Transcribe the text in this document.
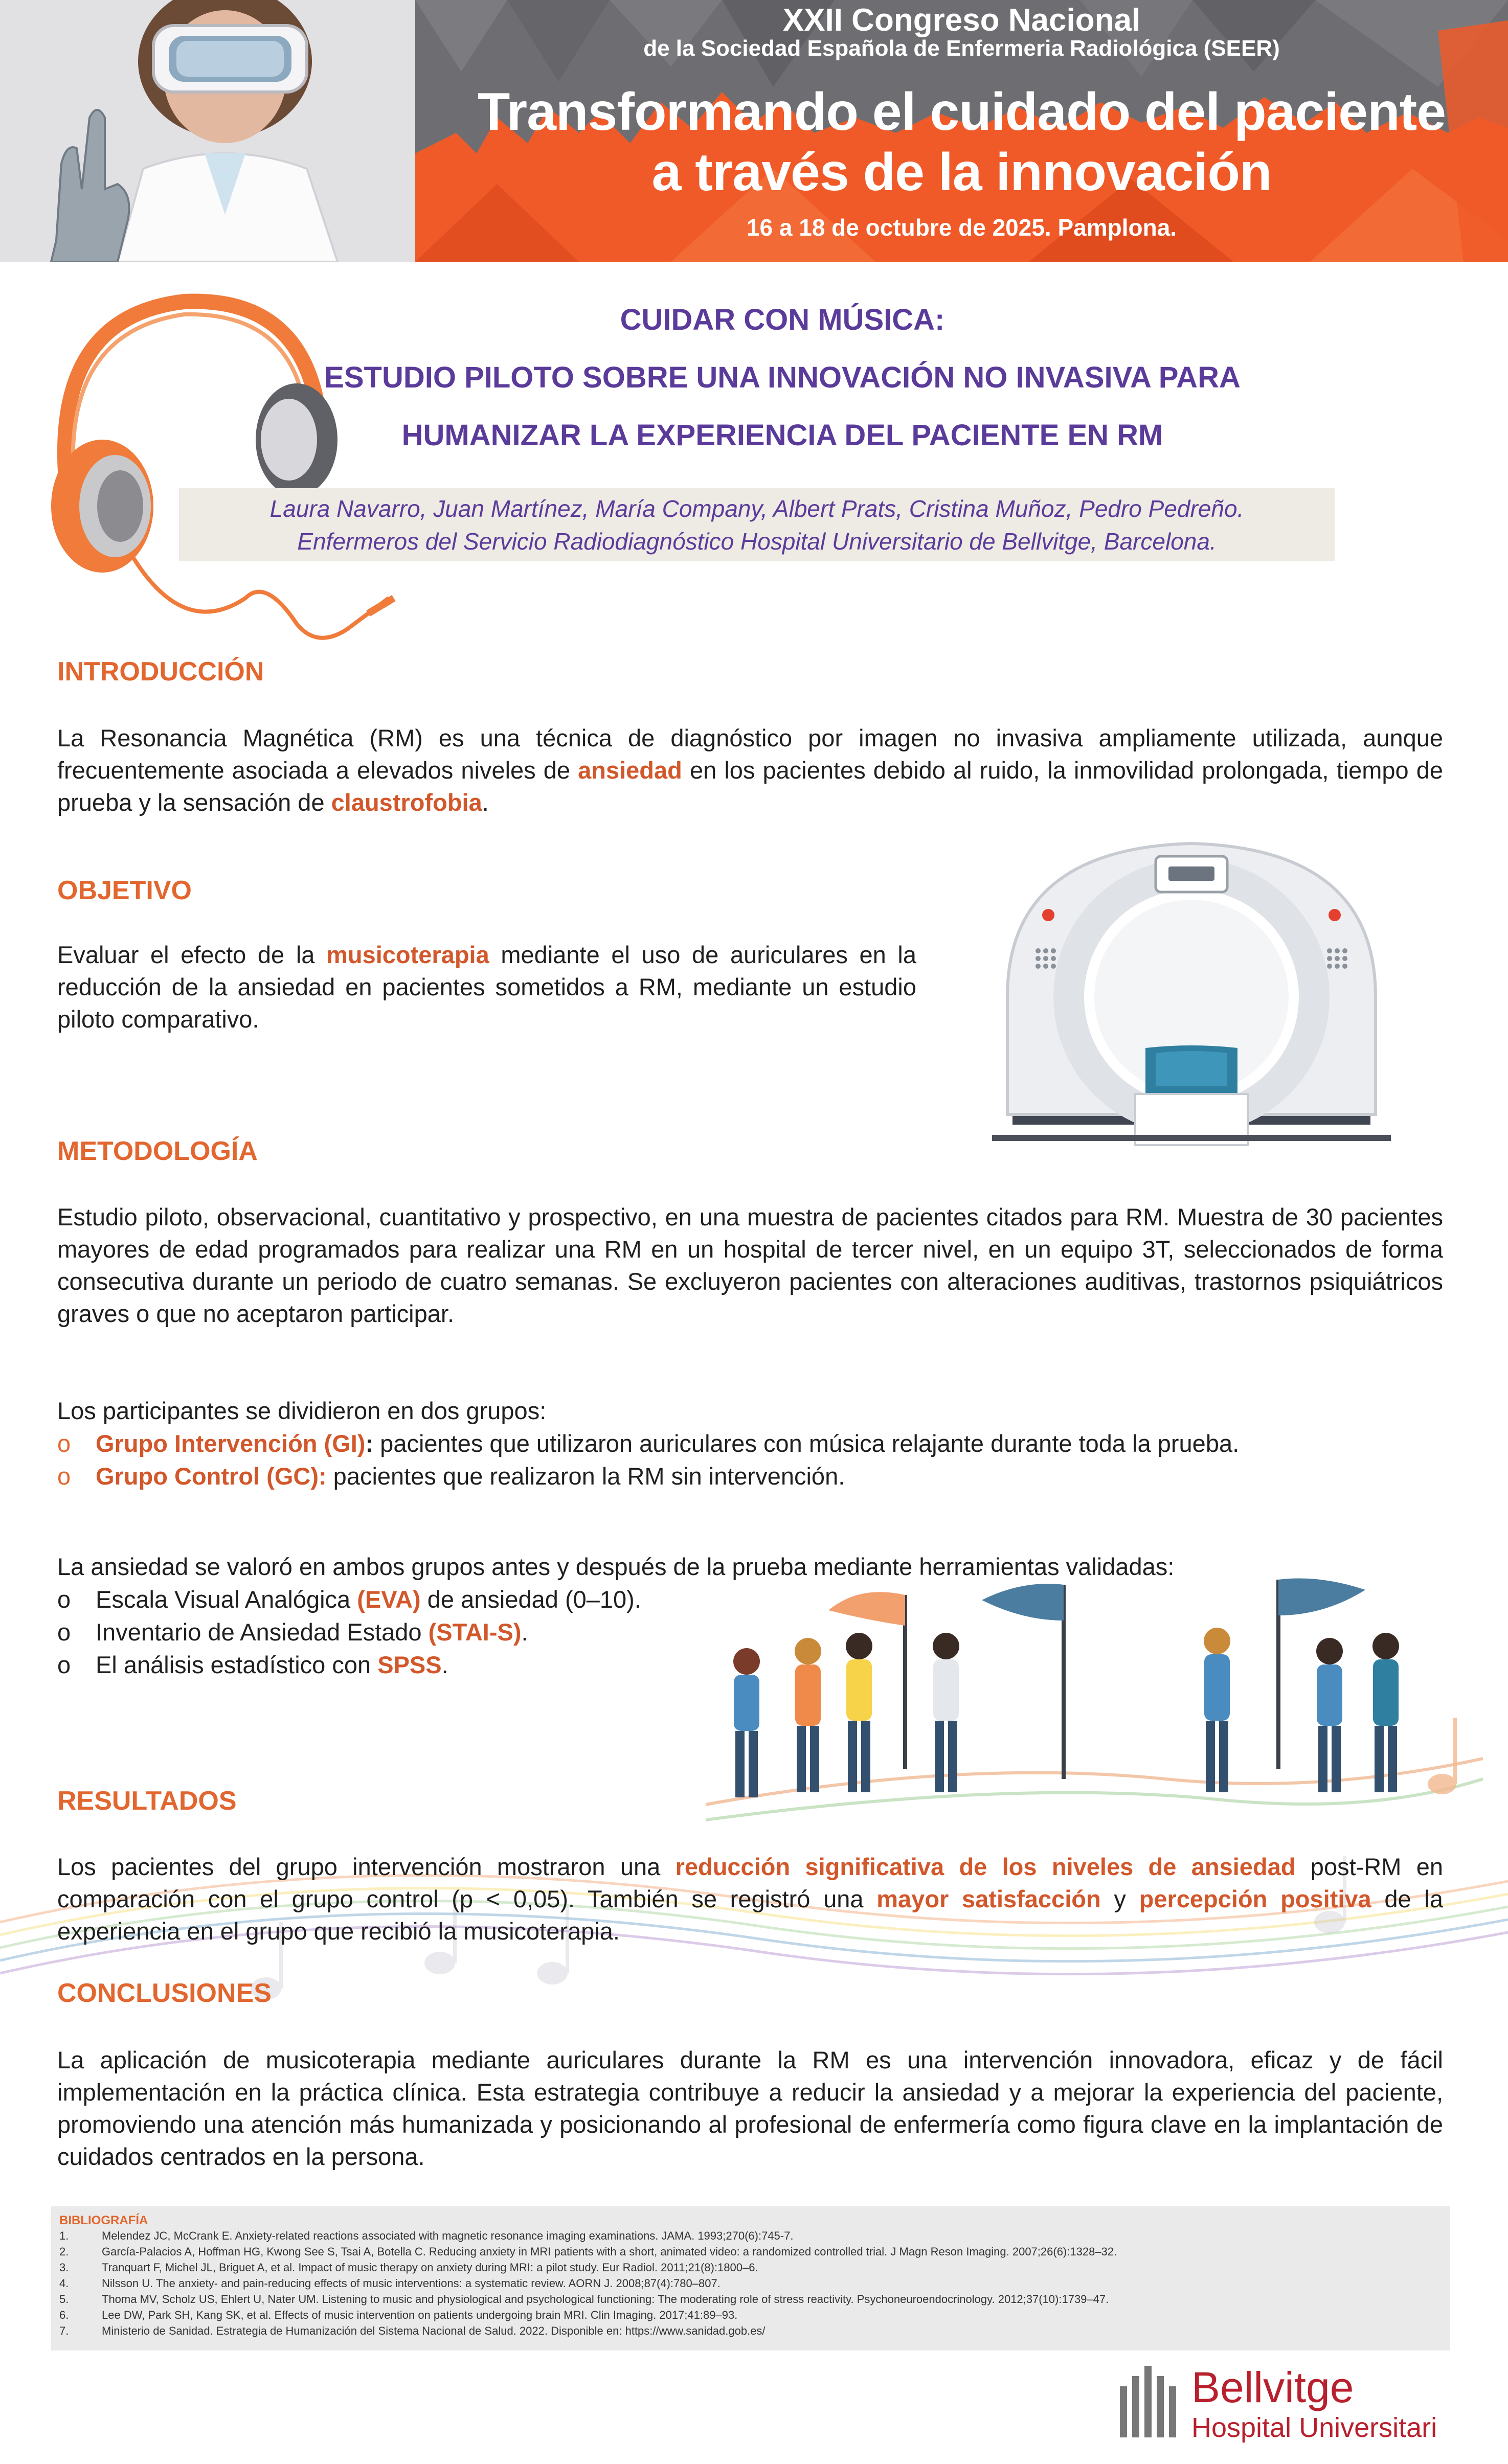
XXII Congreso Nacional
de la Sociedad Española de Enfermeria Radiológica (SEER)
Transformando el cuidado del paciente
a través de la innovación
16 a 18 de octubre de 2025. Pamplona.
CUIDAR CON MÚSICA:
ESTUDIO PILOTO SOBRE UNA INNOVACIÓN NO INVASIVA PARA
HUMANIZAR LA EXPERIENCIA DEL PACIENTE EN RM
Laura Navarro, Juan Martínez, María Company, Albert Prats, Cristina Muñoz, Pedro Pedreño.
Enfermeros del Servicio Radiodiagnóstico Hospital Universitario de Bellvitge, Barcelona.
INTRODUCCIÓN
La Resonancia Magnética (RM) es una técnica de diagnóstico por imagen no invasiva ampliamente utilizada, aunque frecuentemente asociada a elevados niveles de ansiedad en los pacientes debido al ruido, la inmovilidad prolongada, tiempo de prueba y la sensación de claustrofobia.
OBJETIVO
Evaluar el efecto de la musicoterapia mediante el uso de auriculares en la reducción de la ansiedad en pacientes sometidos a RM, mediante un estudio piloto comparativo.
METODOLOGÍA
Estudio piloto, observacional, cuantitativo y prospectivo, en una muestra de pacientes citados para RM. Muestra de 30 pacientes mayores de edad programados para realizar una RM en un hospital de tercer nivel, en un equipo 3T, seleccionados de forma consecutiva durante un periodo de cuatro semanas. Se excluyeron pacientes con alteraciones auditivas, trastornos psiquiátricos graves o que no aceptaron participar.
Los participantes se dividieron en dos grupos:
o	Grupo Intervención (GI): pacientes que utilizaron auriculares con música relajante durante toda la prueba.
o	Grupo Control (GC): pacientes que realizaron la RM sin intervención.
La ansiedad se valoró en ambos grupos antes y después de la prueba mediante herramientas validadas:
o	Escala Visual Analógica (EVA) de ansiedad (0–10).
o	Inventario de Ansiedad Estado (STAI-S).
o	El análisis estadístico con SPSS.
RESULTADOS
Los pacientes del grupo intervención mostraron una reducción significativa de los niveles de ansiedad post-RM en comparación con el grupo control (p < 0,05). También se registró una mayor satisfacción y percepción positiva de la experiencia en el grupo que recibió la musicoterapia.
CONCLUSIONES
La aplicación de musicoterapia mediante auriculares durante la RM es una intervención innovadora, eficaz y de fácil implementación en la práctica clínica. Esta estrategia contribuye a reducir la ansiedad y a mejorar la experiencia del paciente, promoviendo una atención más humanizada y posicionando al profesional de enfermería como figura clave en la implantación de cuidados centrados en la persona.
BIBLIOGRAFÍA
1.	Melendez JC, McCrank E. Anxiety-related reactions associated with magnetic resonance imaging examinations. JAMA. 1993;270(6):745-7.
2.	García-Palacios A, Hoffman HG, Kwong See S, Tsai A, Botella C. Reducing anxiety in MRI patients with a short, animated video: a randomized controlled trial. J Magn Reson Imaging. 2007;26(6):1328–32.
3.	Tranquart F, Michel JL, Briguet A, et al. Impact of music therapy on anxiety during MRI: a pilot study. Eur Radiol. 2011;21(8):1800–6.
4.	Nilsson U. The anxiety- and pain-reducing effects of music interventions: a systematic review. AORN J. 2008;87(4):780–807.
5.	Thoma MV, Scholz US, Ehlert U, Nater UM. Listening to music and physiological and psychological functioning: The moderating role of stress reactivity. Psychoneuroendocrinology. 2012;37(10):1739–47.
6.	Lee DW, Park SH, Kang SK, et al. Effects of music intervention on patients undergoing brain MRI. Clin Imaging. 2017;41:89–93.
7.	Ministerio de Sanidad. Estrategia de Humanización del Sistema Nacional de Salud. 2022. Disponible en: https://www.sanidad.gob.es/
Bellvitge
Hospital Universitari
